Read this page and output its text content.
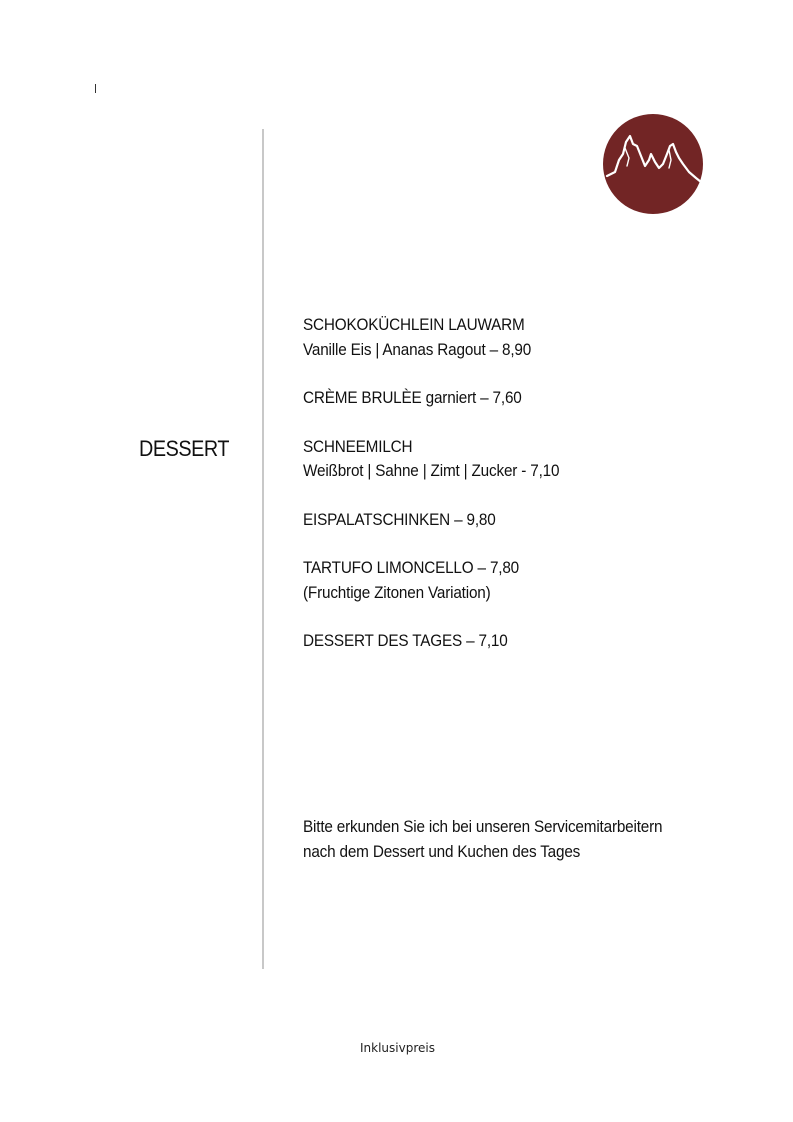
DESSERT
SCHOKOKÜCHLEIN LAUWARM
Vanille Eis | Ananas Ragout – 8,90
CRÈME BRULÈE garniert – 7,60
SCHNEEMILCH
Weißbrot | Sahne | Zimt | Zucker - 7,10
EISPALATSCHINKEN – 9,80
TARTUFO LIMONCELLO – 7,80
(Fruchtige Zitonen Variation)
DESSERT DES TAGES – 7,10
Bitte erkunden Sie ich bei unseren Servicemitarbeitern
nach dem Dessert und Kuchen des Tages
Inklusivpreis
